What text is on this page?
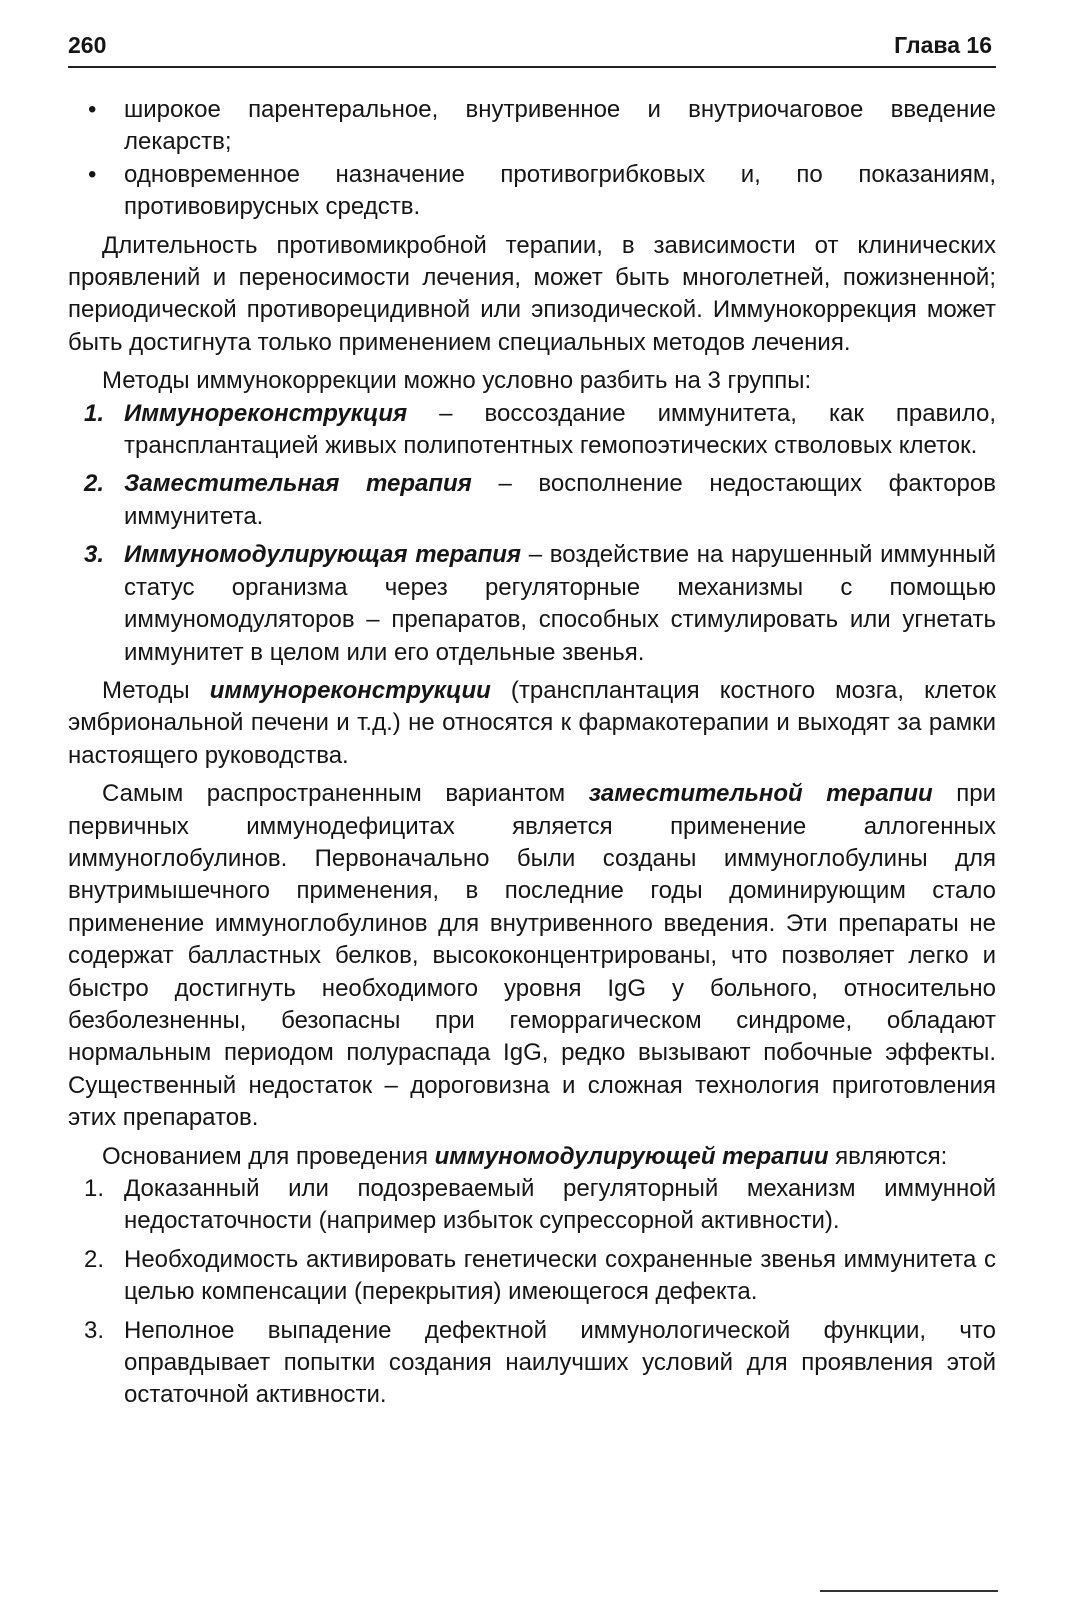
260	Глава 16

• широкое парентеральное, внутривенное и внутриочаговое введение лекарств;

• одновременное назначение противогрибковых и, по показаниям, противовирусных средств.

Длительность противомикробной терапии, в зависимости от клинических проявлений и переносимости лечения, может быть многолетней, пожизненной; периодической противорецидивной или эпизодической. Иммунокоррекция может быть достигнута только применением специальных методов лечения.

Методы иммунокоррекции можно условно разбить на 3 группы:

1. Иммунореконструкция – воссоздание иммунитета, как правило, трансплантацией живых полипотентных гемопоэтических стволовых клеток.

2. Заместительная терапия – восполнение недостающих факторов иммунитета.

3. Иммуномодулирующая терапия – воздействие на нарушенный иммунный статус организма через регуляторные механизмы с помощью иммуномодуляторов – препаратов, способных стимулировать или угнетать иммунитет в целом или его отдельные звенья.

Методы иммунореконструкции (трансплантация костного мозга, клеток эмбриональной печени и т.д.) не относятся к фармакотерапии и выходят за рамки настоящего руководства.

Самым распространенным вариантом заместительной терапии при первичных иммунодефицитах является применение аллогенных иммуноглобулинов. Первоначально были созданы иммуноглобулины для внутримышечного применения, в последние годы доминирующим стало применение иммуноглобулинов для внутривенного введения. Эти препараты не содержат балластных белков, высококонцентрированы, что позволяет легко и быстро достигнуть необходимого уровня IgG у больного, относительно безболезненны, безопасны при геморрагическом синдроме, обладают нормальным периодом полураспада IgG, редко вызывают побочные эффекты. Существенный недостаток – дороговизна и сложная технология приготовления этих препаратов.

Основанием для проведения иммуномодулирующей терапии являются:

1. Доказанный или подозреваемый регуляторный механизм иммунной недостаточности (например избыток супрессорной активности).

2. Необходимость активировать генетически сохраненные звенья иммунитета с целью компенсации (перекрытия) имеющегося дефекта.

3. Неполное выпадение дефектной иммунологической функции, что оправдывает попытки создания наилучших условий для проявления этой остаточной активности.
